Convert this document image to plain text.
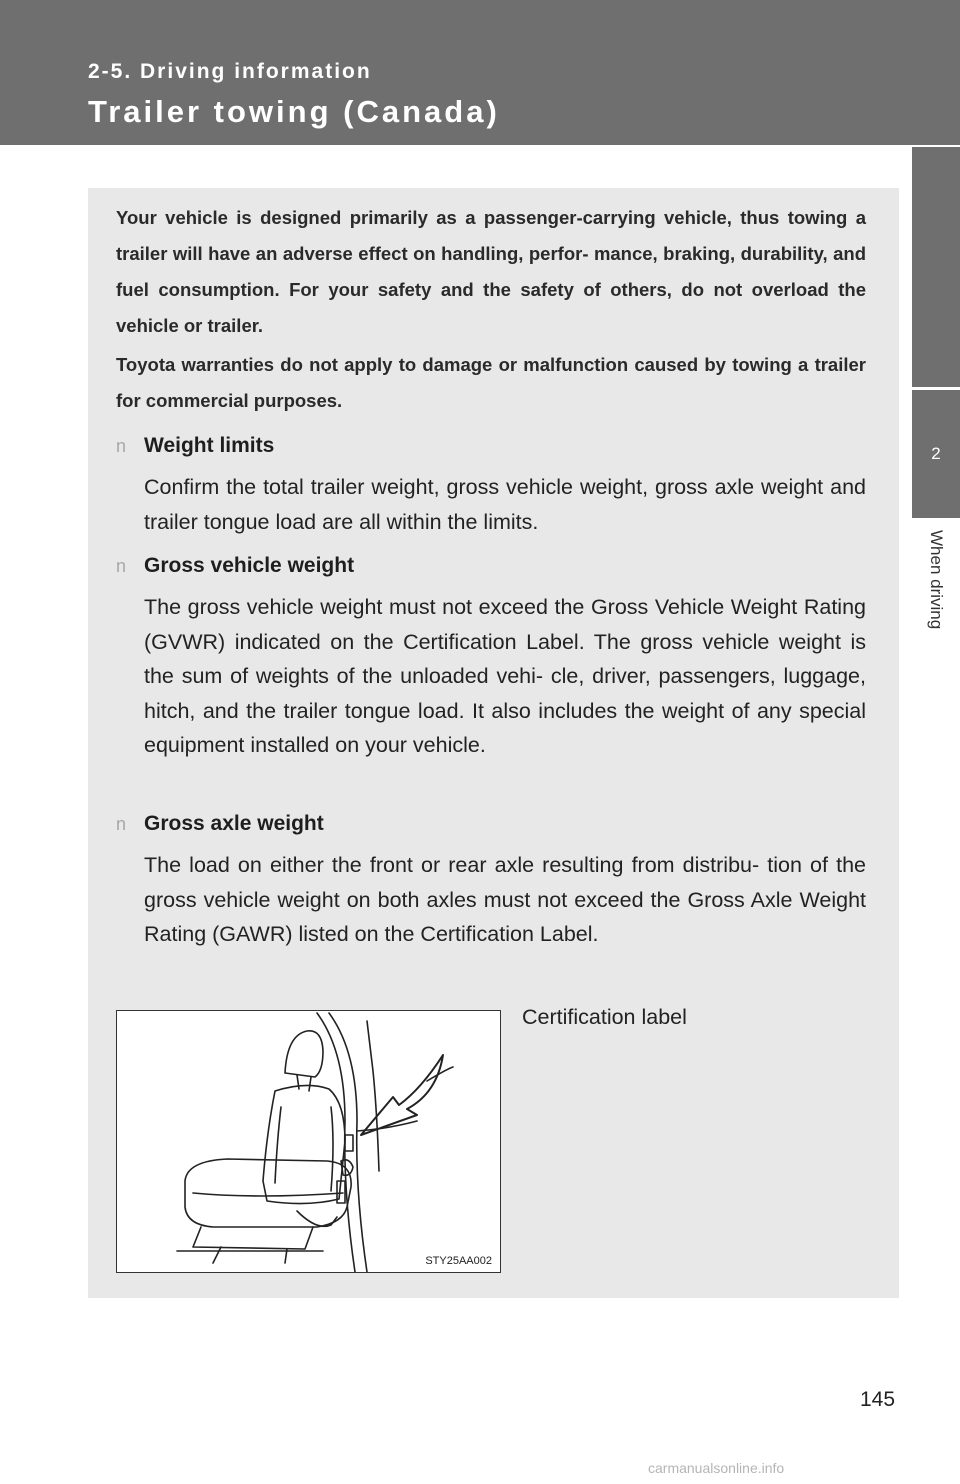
2-5. Driving information
Trailer towing (Canada)
2
When driving

Your vehicle is designed primarily as a passenger-carrying vehicle, thus towing a trailer will have an adverse effect on handling, perfor- mance, braking, durability, and fuel consumption. For your safety and the safety of others, do not overload the vehicle or trailer.

Toyota warranties do not apply to damage or malfunction caused by towing a trailer for commercial purposes.

n Weight limits

Confirm the total trailer weight, gross vehicle weight, gross axle weight and trailer tongue load are all within the limits.

n Gross vehicle weight

The gross vehicle weight must not exceed the Gross Vehicle Weight Rating (GVWR) indicated on the Certification Label. The gross vehicle weight is the sum of weights of the unloaded vehi- cle, driver, passengers, luggage, hitch, and the trailer tongue load. It also includes the weight of any special equipment installed on your vehicle.

n Gross axle weight

The load on either the front or rear axle resulting from distribu- tion of the gross vehicle weight on both axles must not exceed the Gross Axle Weight Rating (GAWR) listed on the Certification Label.

STY25AA002
Certification label
145
carmanualsonline.info
